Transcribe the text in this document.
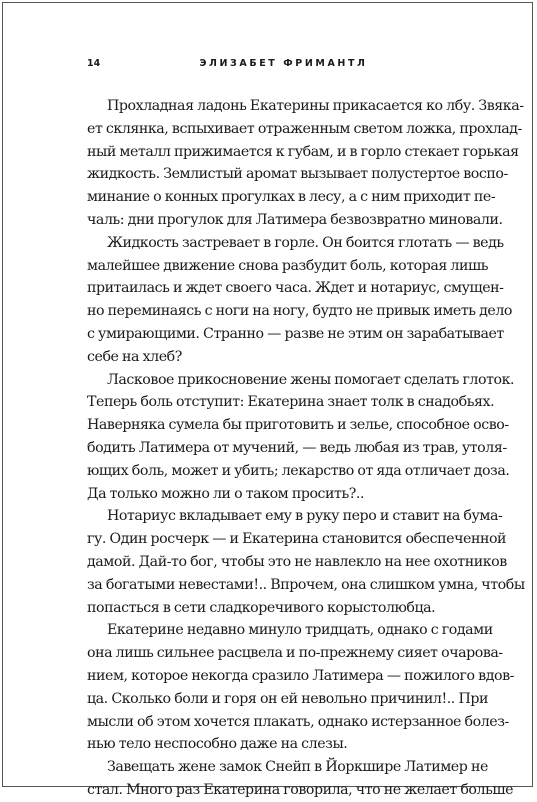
14	ЭЛИЗАБЕТ ФРИМАНТЛ
Прохладная ладонь Екатерины прикасается ко лбу. Звяка-
ет склянка, вспыхивает отраженным светом ложка, прохлад-
ный металл прижимается к губам, и в горло стекает горькая
жидкость. Землистый аромат вызывает полустертое воспо-
минание о конных прогулках в лесу, а с ним приходит пе-
чаль: дни прогулок для Латимера безвозвратно миновали.
Жидкость застревает в горле. Он боится глотать — ведь
малейшее движение снова разбудит боль, которая лишь
притаилась и ждет своего часа. Ждет и нотариус, смущен-
но переминаясь с ноги на ногу, будто не привык иметь дело
с умирающими. Странно — разве не этим он зарабатывает
себе на хлеб?
Ласковое прикосновение жены помогает сделать глоток.
Теперь боль отступит: Екатерина знает толк в снадобьях.
Наверняка сумела бы приготовить и зелье, способное осво-
бодить Латимера от мучений, — ведь любая из трав, утоля-
ющих боль, может и убить; лекарство от яда отличает доза.
Да только можно ли о таком просить?..
Нотариус вкладывает ему в руку перо и ставит на бума-
гу. Один росчерк — и Екатерина становится обеспеченной
дамой. Дай-то бог, чтобы это не навлекло на нее охотников
за богатыми невестами!.. Впрочем, она слишком умна, чтобы
попасться в сети сладкоречивого корыстолюбца.
Екатерине недавно минуло тридцать, однако с годами
она лишь сильнее расцвела и по-прежнему сияет очарова-
нием, которое некогда сразило Латимера — пожилого вдов-
ца. Сколько боли и горя он ей невольно причинил!.. При
мысли об этом хочется плакать, однако истерзанное болез-
нью тело неспособно даже на слезы.
Завещать жене замок Снейп в Йоркшире Латимер не
стал. Много раз Екатерина говорила, что не желает больше
